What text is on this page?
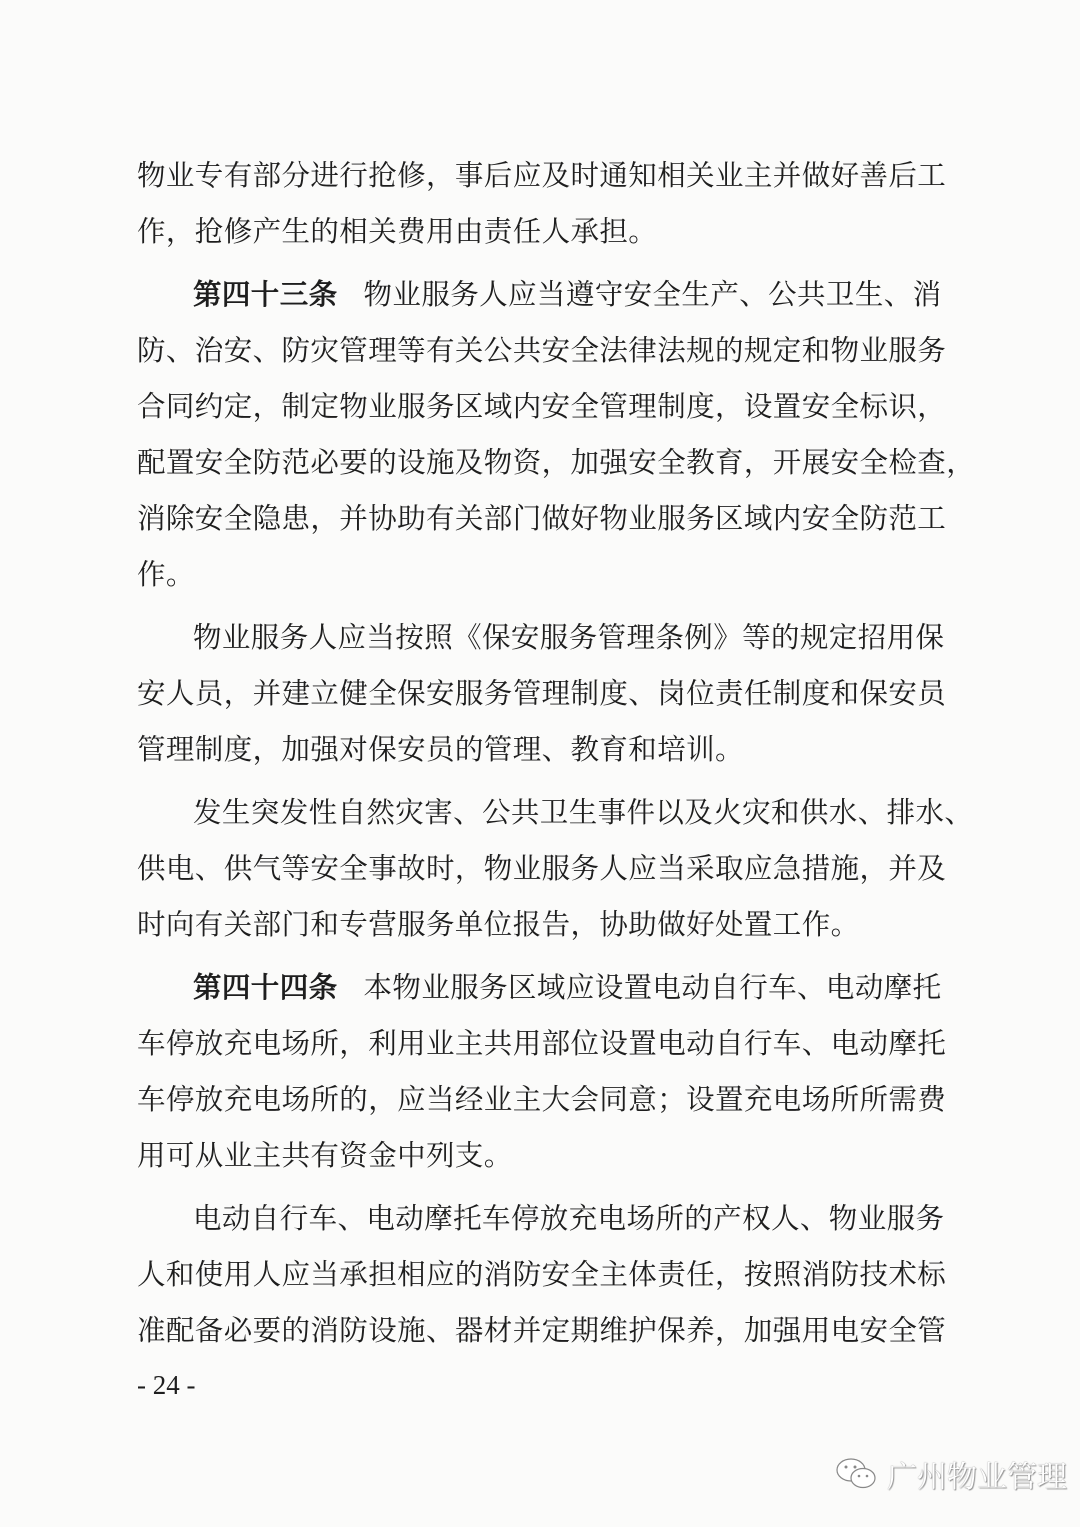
物业专有部分进行抢修，事后应及时通知相关业主并做好善后工
作，抢修产生的相关费用由责任人承担。
第四十三条 物业服务人应当遵守安全生产、公共卫生、消
防、治安、防灾管理等有关公共安全法律法规的规定和物业服务
合同约定，制定物业服务区域内安全管理制度，设置安全标识，
配置安全防范必要的设施及物资，加强安全教育，开展安全检查，
消除安全隐患，并协助有关部门做好物业服务区域内安全防范工
作。
物业服务人应当按照《保安服务管理条例》等的规定招用保
安人员，并建立健全保安服务管理制度、岗位责任制度和保安员
管理制度，加强对保安员的管理、教育和培训。
发生突发性自然灾害、公共卫生事件以及火灾和供水、排水、
供电、供气等安全事故时，物业服务人应当采取应急措施，并及
时向有关部门和专营服务单位报告，协助做好处置工作。
第四十四条 本物业服务区域应设置电动自行车、电动摩托
车停放充电场所，利用业主共用部位设置电动自行车、电动摩托
车停放充电场所的，应当经业主大会同意；设置充电场所所需费
用可从业主共有资金中列支。
电动自行车、电动摩托车停放充电场所的产权人、物业服务
人和使用人应当承担相应的消防安全主体责任，按照消防技术标
准配备必要的消防设施、器材并定期维护保养，加强用电安全管
- 24 -
广州物业管理
